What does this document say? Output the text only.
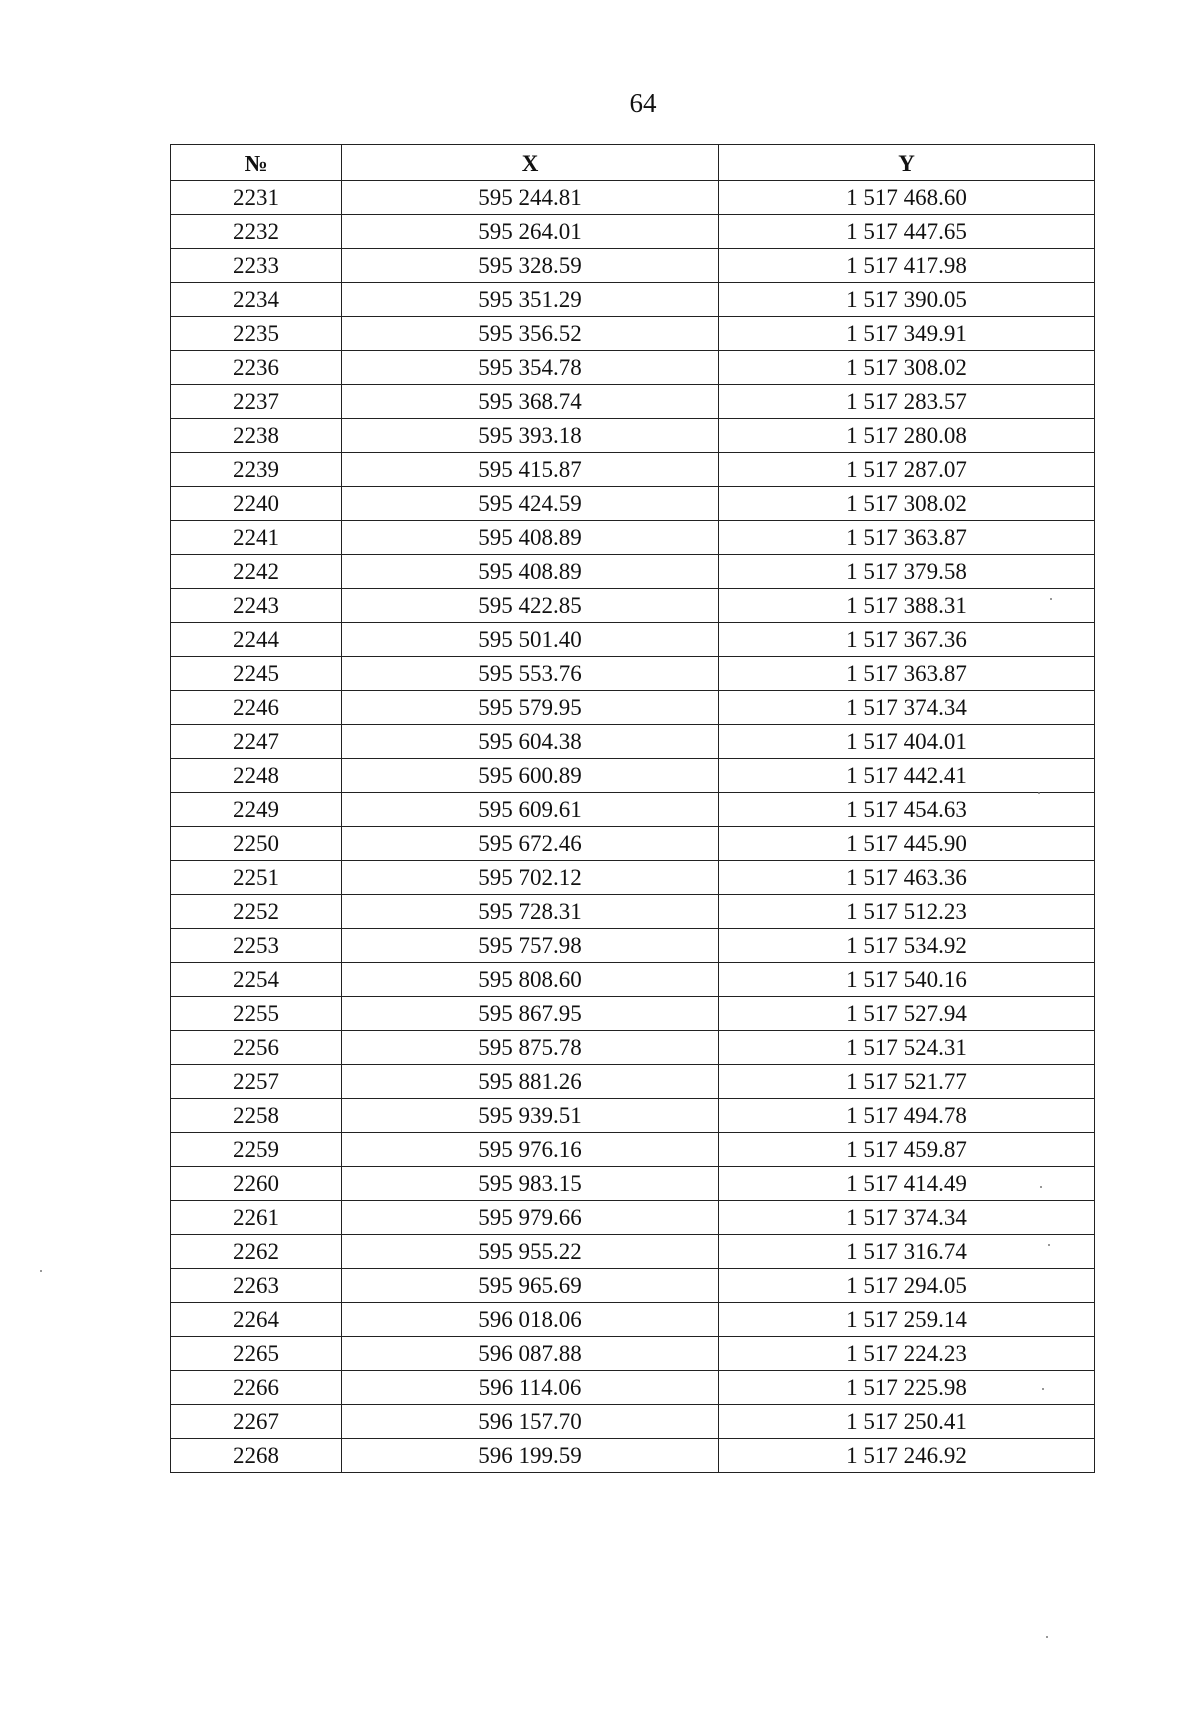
64
№	X	Y
2231	595 244.81	1 517 468.60
2232	595 264.01	1 517 447.65
2233	595 328.59	1 517 417.98
2234	595 351.29	1 517 390.05
2235	595 356.52	1 517 349.91
2236	595 354.78	1 517 308.02
2237	595 368.74	1 517 283.57
2238	595 393.18	1 517 280.08
2239	595 415.87	1 517 287.07
2240	595 424.59	1 517 308.02
2241	595 408.89	1 517 363.87
2242	595 408.89	1 517 379.58
2243	595 422.85	1 517 388.31
2244	595 501.40	1 517 367.36
2245	595 553.76	1 517 363.87
2246	595 579.95	1 517 374.34
2247	595 604.38	1 517 404.01
2248	595 600.89	1 517 442.41
2249	595 609.61	1 517 454.63
2250	595 672.46	1 517 445.90
2251	595 702.12	1 517 463.36
2252	595 728.31	1 517 512.23
2253	595 757.98	1 517 534.92
2254	595 808.60	1 517 540.16
2255	595 867.95	1 517 527.94
2256	595 875.78	1 517 524.31
2257	595 881.26	1 517 521.77
2258	595 939.51	1 517 494.78
2259	595 976.16	1 517 459.87
2260	595 983.15	1 517 414.49
2261	595 979.66	1 517 374.34
2262	595 955.22	1 517 316.74
2263	595 965.69	1 517 294.05
2264	596 018.06	1 517 259.14
2265	596 087.88	1 517 224.23
2266	596 114.06	1 517 225.98
2267	596 157.70	1 517 250.41
2268	596 199.59	1 517 246.92
